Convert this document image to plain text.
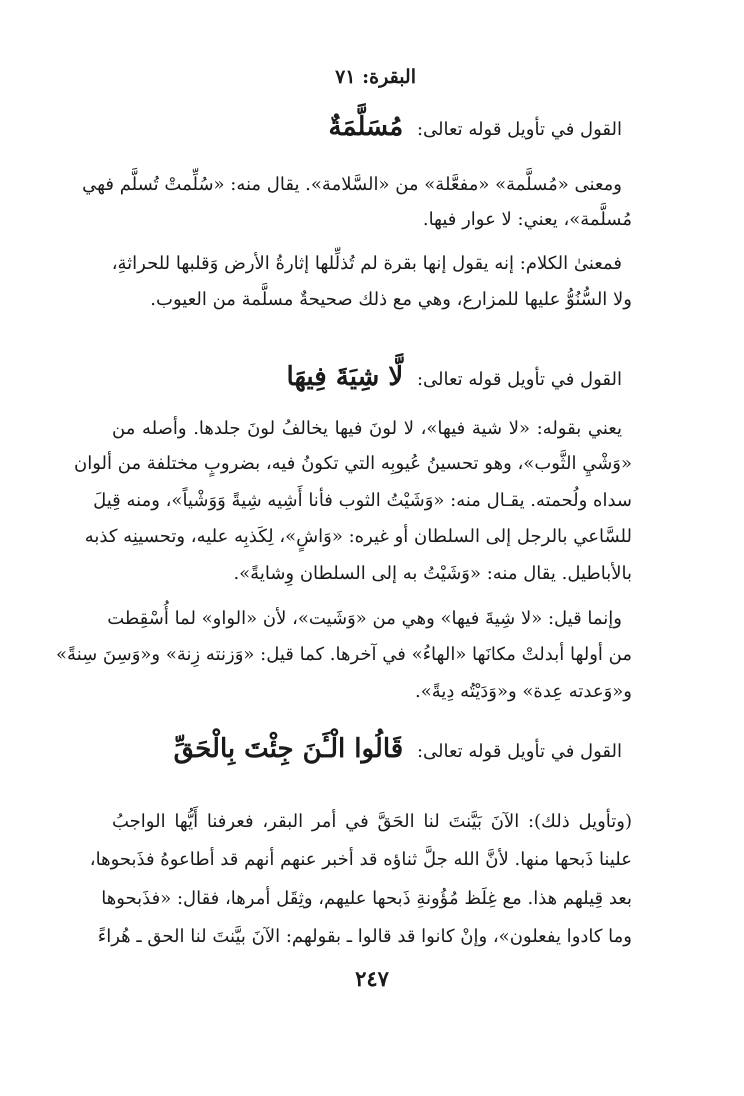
البقرة: ٧١
القول في تأويل قوله تعالى: مُسَلَّمَةٌ
ومعنى «مُسلَّمة» «مفعَّلة» من «السَّلامة». يقال منه: «سُلِّمتْ تُسلَّم فهي
مُسلَّمة»، يعني: لا عوار فيها.
فمعنىٰ الكلام: إنه يقول إنها بقرة لم تُذلِّلها إثارةُ الأرض وَقلبها للحراثةِ،
ولا السُّنُوُّ عليها للمزارع، وهي مع ذلك صحيحةٌ مسلَّمة من العيوب.
القول في تأويل قوله تعالى: لَّا شِيَةَ فِيهَا
يعني بقوله: «لا شية فيها»، لا لونَ فيها يخالفُ لونَ جلدها. وأصله من
«وَشْيِ الثَّوب»، وهو تحسينُ عُيوبِه التي تكونُ فيه، بضروبٍ مختلفة من ألوان
سداه ولُحمته. يقـال منه: «وَشَيْتُ الثوب فأنا أَشِيه شِيةً وَوَشْياً»، ومنه قِيلَ
للسَّاعي بالرجل إلى السلطان أو غيره: «وَاشٍ»، لِكَذبِه عليه، وتحسينِه كذبه
بالأباطيل. يقال منه: «وَشَيْتُ به إلى السلطان وِشايةً».
وإنما قيل: «لا شِيةَ فيها» وهي من «وَشَيت»، لأن «الواو» لما أُسْقِطت
من أولها أبدلتْ مكانَها «الهاءُ» في آخرها. كما قيل: «وَزنته زِنة» و«وَسِنَ سِنةً»
و«وَعدته عِدة» و«وَدَيْتُه دِيةً».
القول في تأويل قوله تعالى: قَالُوا الْـَٔنَ جِئْتَ بِالْحَقِّ
(وتأويل ذلك): الآنَ بَيَّنتَ لنا الحَقَّ في أمر البقر، فعرفنا أَيُّها الواجبُ
علينا ذَبحها منها. لأنَّ الله جلَّ ثناؤه قد أخبر عنهم أنهم قد أطاعوهُ فذَبحوها،
بعد قِيلهم هذا. مع غِلَظ مُؤُونةِ ذَبحها عليهم، وثِقَل أمرها، فقال: «فذَبحوها
وما كادوا يفعلون»، وإنْ كانوا قد قالوا ـ بقولهم: الآنَ بيَّنتَ لنا الحق ـ هُراءً
٢٤٧
